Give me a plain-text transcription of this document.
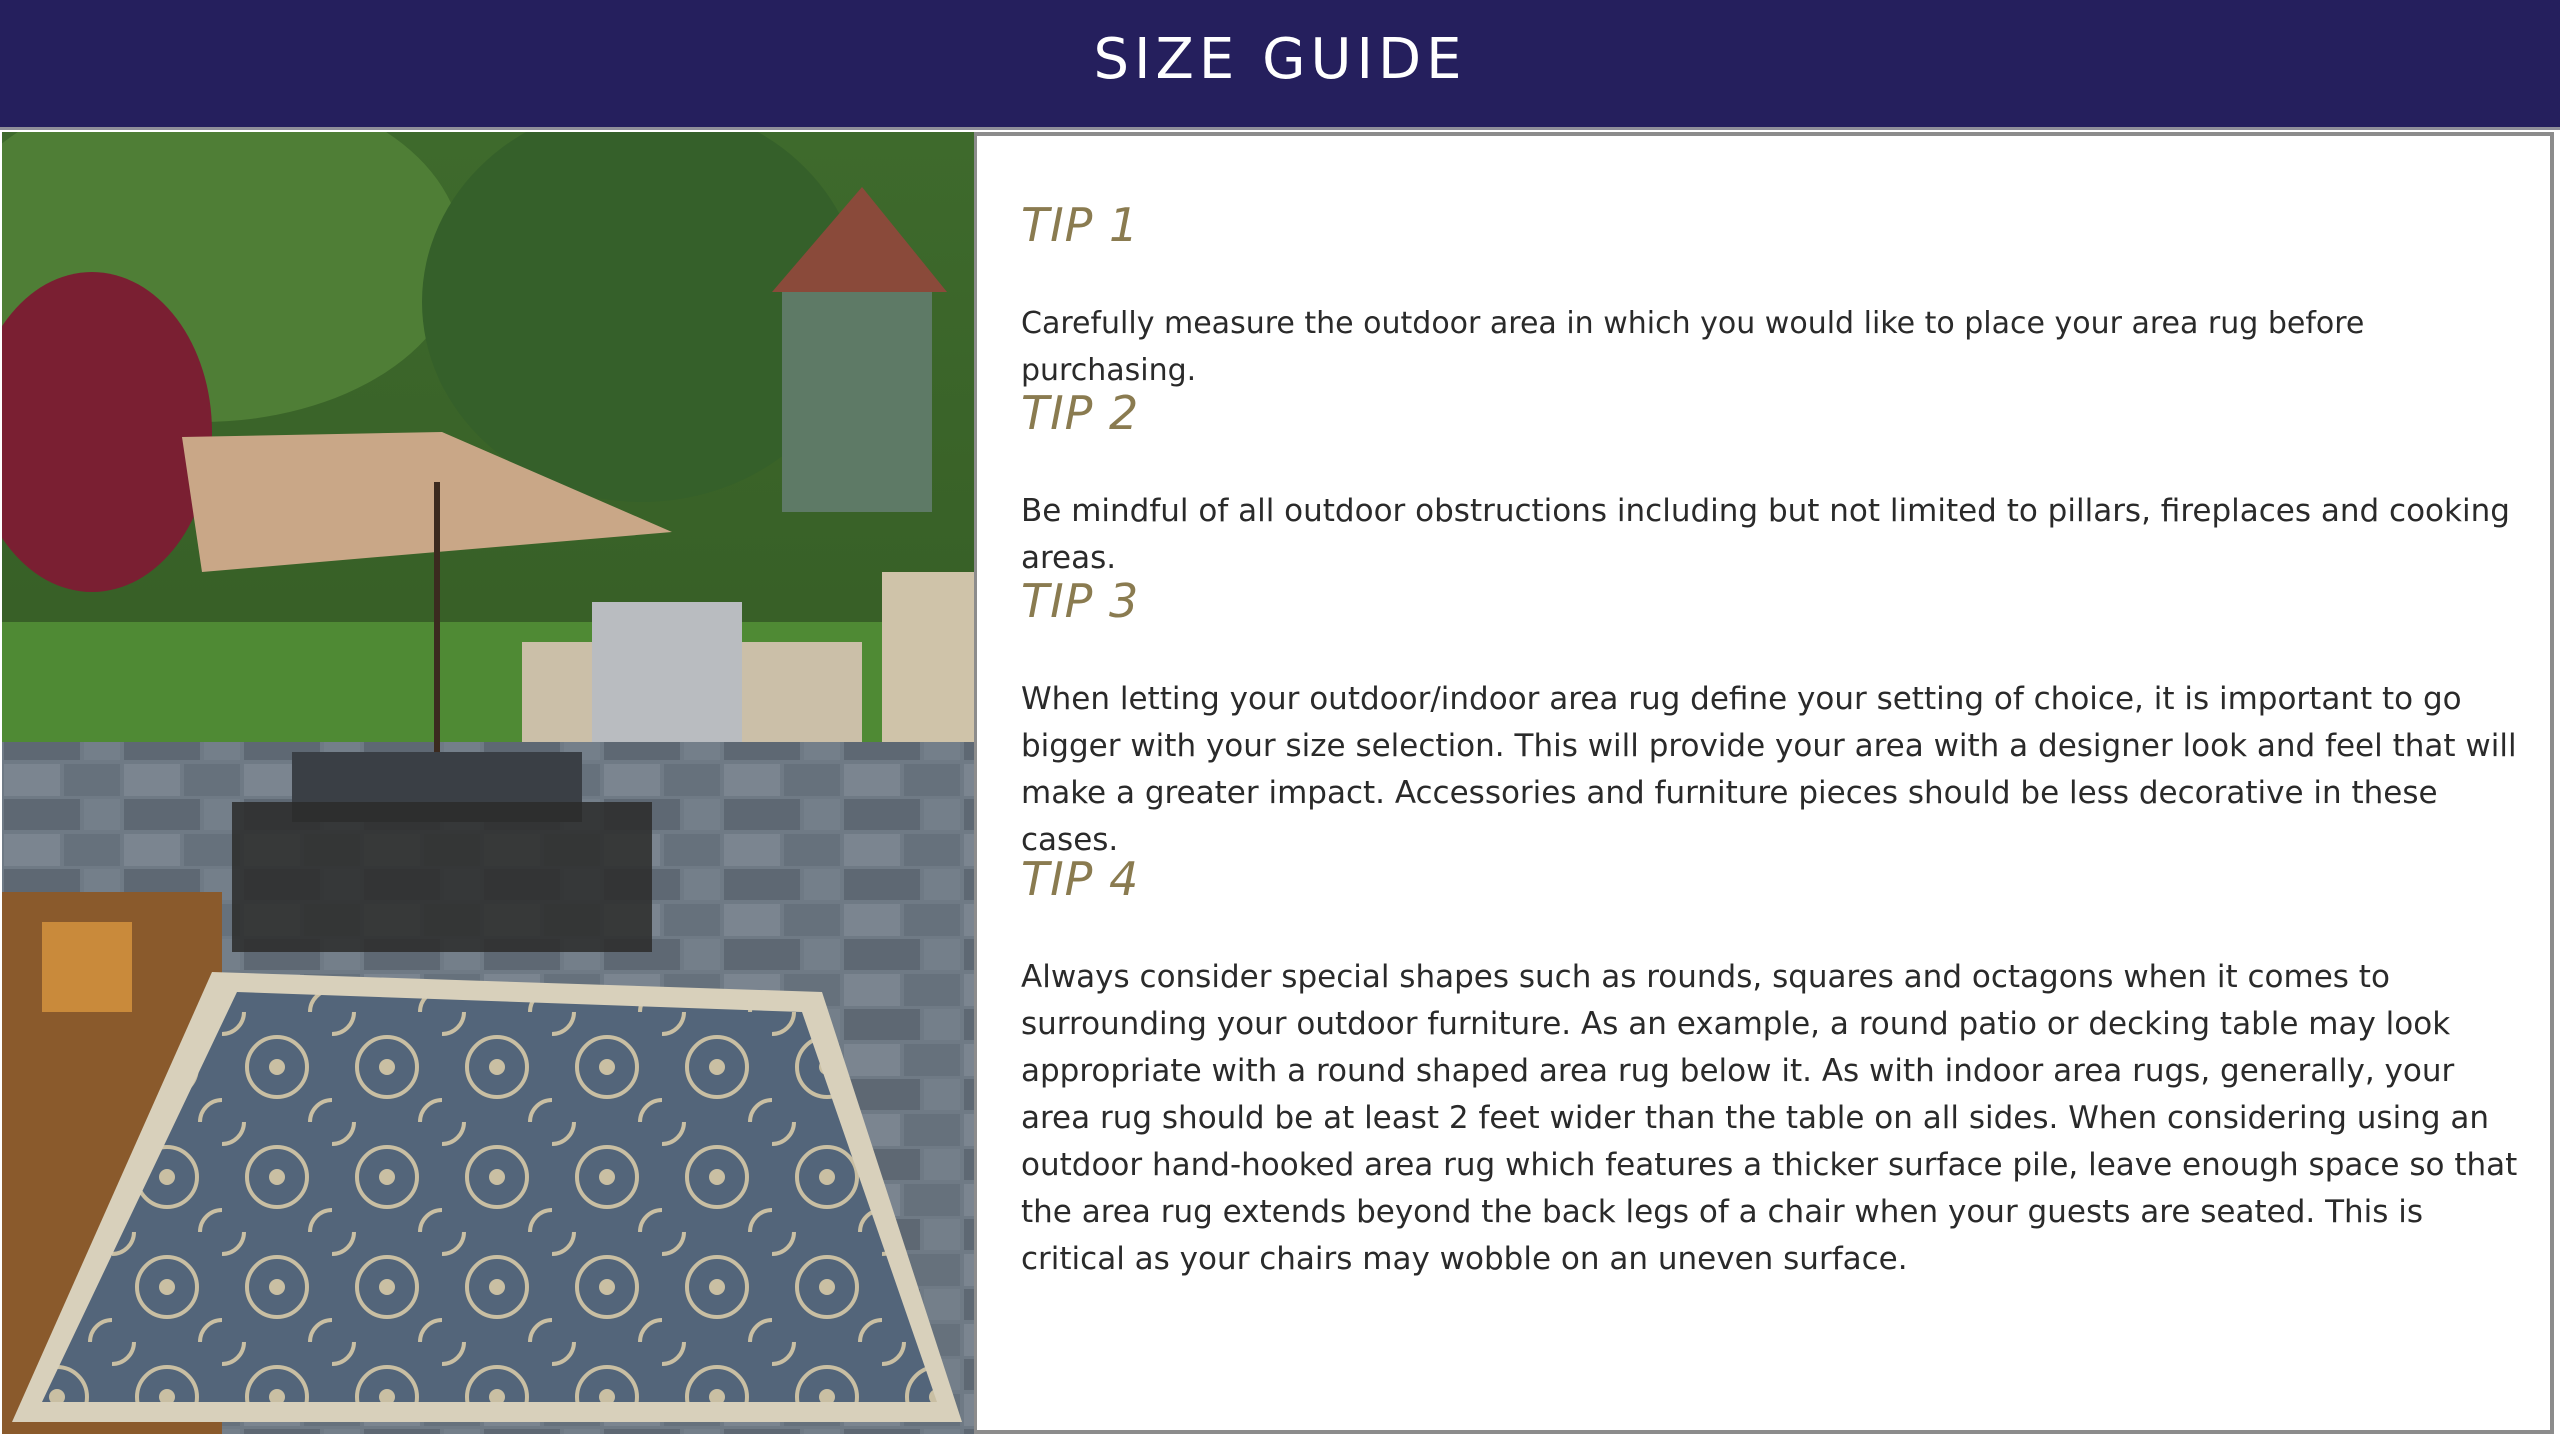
SIZE GUIDE
TIP 1

Carefully measure the outdoor area in which you would like to place your area rug before purchasing.

TIP 2

Be mindful of all outdoor obstructions including but not limited to pillars, fireplaces and cooking areas.

TIP 3

When letting your outdoor/indoor area rug define your setting of choice, it is important to go bigger with your size selection. This will provide your area with a designer look and feel that will make a greater impact. Accessories and furniture pieces should be less decorative in these cases.

TIP 4

Always consider special shapes such as rounds, squares and octagons when it comes to surrounding your outdoor furniture. As an example, a round patio or decking table may look appropriate with a round shaped area rug below it. As with indoor area rugs, generally, your area rug should be at least 2 feet wider than the table on all sides. When considering using an outdoor hand-hooked area rug which features a thicker surface pile, leave enough space so that the area rug extends beyond the back legs of a chair when your guests are seated. This is critical as your chairs may wobble on an uneven surface.
